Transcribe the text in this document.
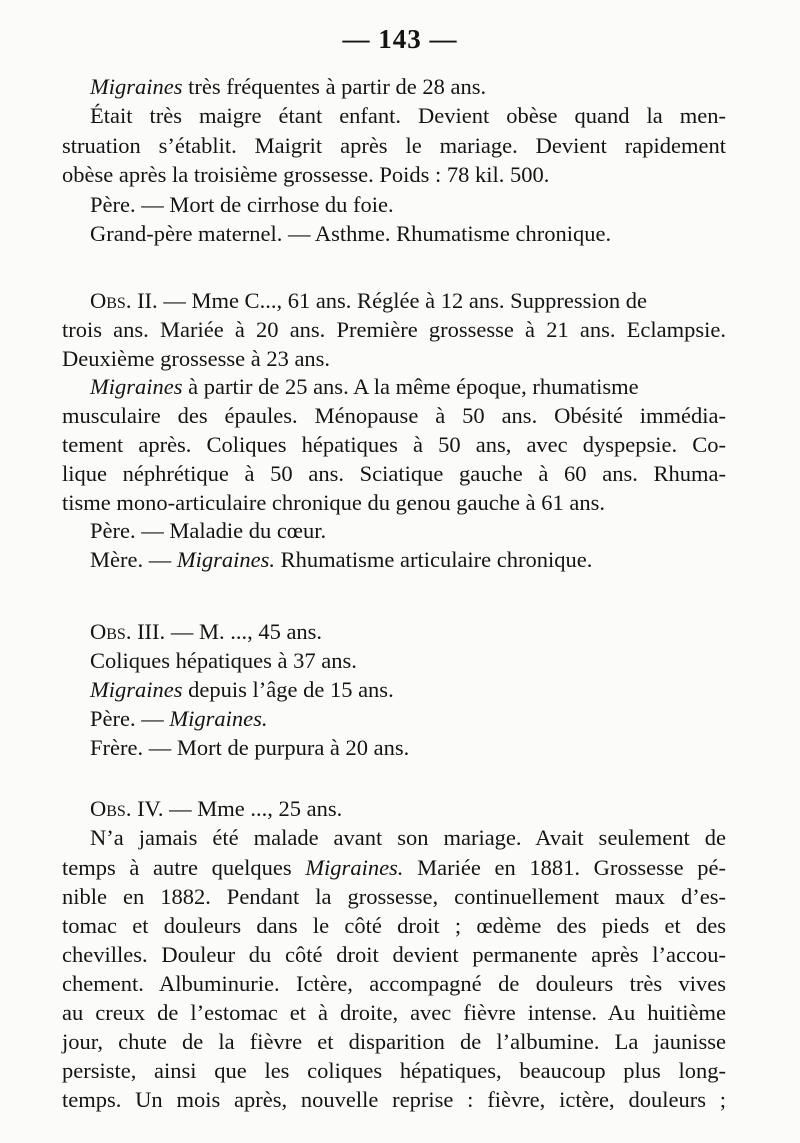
— 143 —
Migraines très fréquentes à partir de 28 ans.
Était très maigre étant enfant. Devient obèse quand la men-
struation s’établit. Maigrit après le mariage. Devient rapidement
obèse après la troisième grossesse. Poids : 78 kil. 500.
Père. — Mort de cirrhose du foie.
Grand-père maternel. — Asthme. Rhumatisme chronique.
Obs. II. — Mme C..., 61 ans. Réglée à 12 ans. Suppression de
trois ans. Mariée à 20 ans. Première grossesse à 21 ans. Eclampsie.
Deuxième grossesse à 23 ans.
Migraines à partir de 25 ans. A la même époque, rhumatisme
musculaire des épaules. Ménopause à 50 ans. Obésité immédia-
tement après. Coliques hépatiques à 50 ans, avec dyspepsie. Co-
lique néphrétique à 50 ans. Sciatique gauche à 60 ans. Rhuma-
tisme mono-articulaire chronique du genou gauche à 61 ans.
Père. — Maladie du cœur.
Mère. — Migraines. Rhumatisme articulaire chronique.
Obs. III. — M. ..., 45 ans.
Coliques hépatiques à 37 ans.
Migraines depuis l’âge de 15 ans.
Père. — Migraines.
Frère. — Mort de purpura à 20 ans.
Obs. IV. — Mme ..., 25 ans.
N’a jamais été malade avant son mariage. Avait seulement de
temps à autre quelques Migraines. Mariée en 1881. Grossesse pé-
nible en 1882. Pendant la grossesse, continuellement maux d’es-
tomac et douleurs dans le côté droit ; œdème des pieds et des
chevilles. Douleur du côté droit devient permanente après l’accou-
chement. Albuminurie. Ictère, accompagné de douleurs très vives
au creux de l’estomac et à droite, avec fièvre intense. Au huitième
jour, chute de la fièvre et disparition de l’albumine. La jaunisse
persiste, ainsi que les coliques hépatiques, beaucoup plus long-
temps. Un mois après, nouvelle reprise : fièvre, ictère, douleurs ;
